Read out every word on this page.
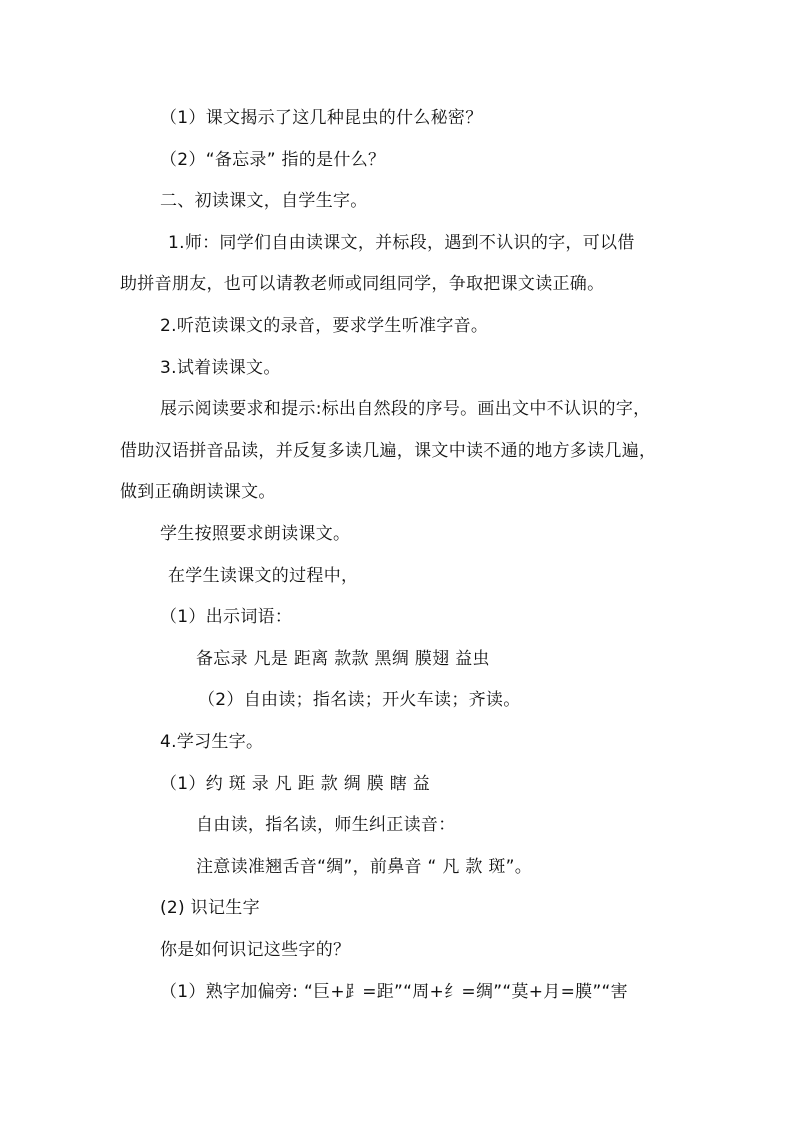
（1）课文揭示了这几种昆虫的什么秘密？
（2）“备忘录” 指的是什么？
二、初读课文，自学生字。
1.师：同学们自由读课文，并标段，遇到不认识的字，可以借
助拼音朋友，也可以请教老师或同组同学，争取把课文读正确。
2.听范读课文的录音，要求学生听准字音。
3.试着读课文。
展示阅读要求和提示:标出自然段的序号。画出文中不认识的字，
借助汉语拼音品读，并反复多读几遍，课文中读不通的地方多读几遍，
做到正确朗读课文。
学生按照要求朗读课文。
在学生读课文的过程中，
（1）出示词语：
备忘录 凡是 距离 款款 黑绸 膜翅 益虫
（2）自由读；指名读；开火车读；齐读。
4.学习生字。
（1）约 斑 录 凡 距 款 绸 膜 瞎 益
自由读，指名读，师生纠正读音：
注意读准翘舌音“绸”，前鼻音 “ 凡 款 斑”。
(2) 识记生字
你是如何识记这些字的？
（1）熟字加偏旁: “巨+⻊=距”“周+纟=绸”“莫+月=膜”“害
